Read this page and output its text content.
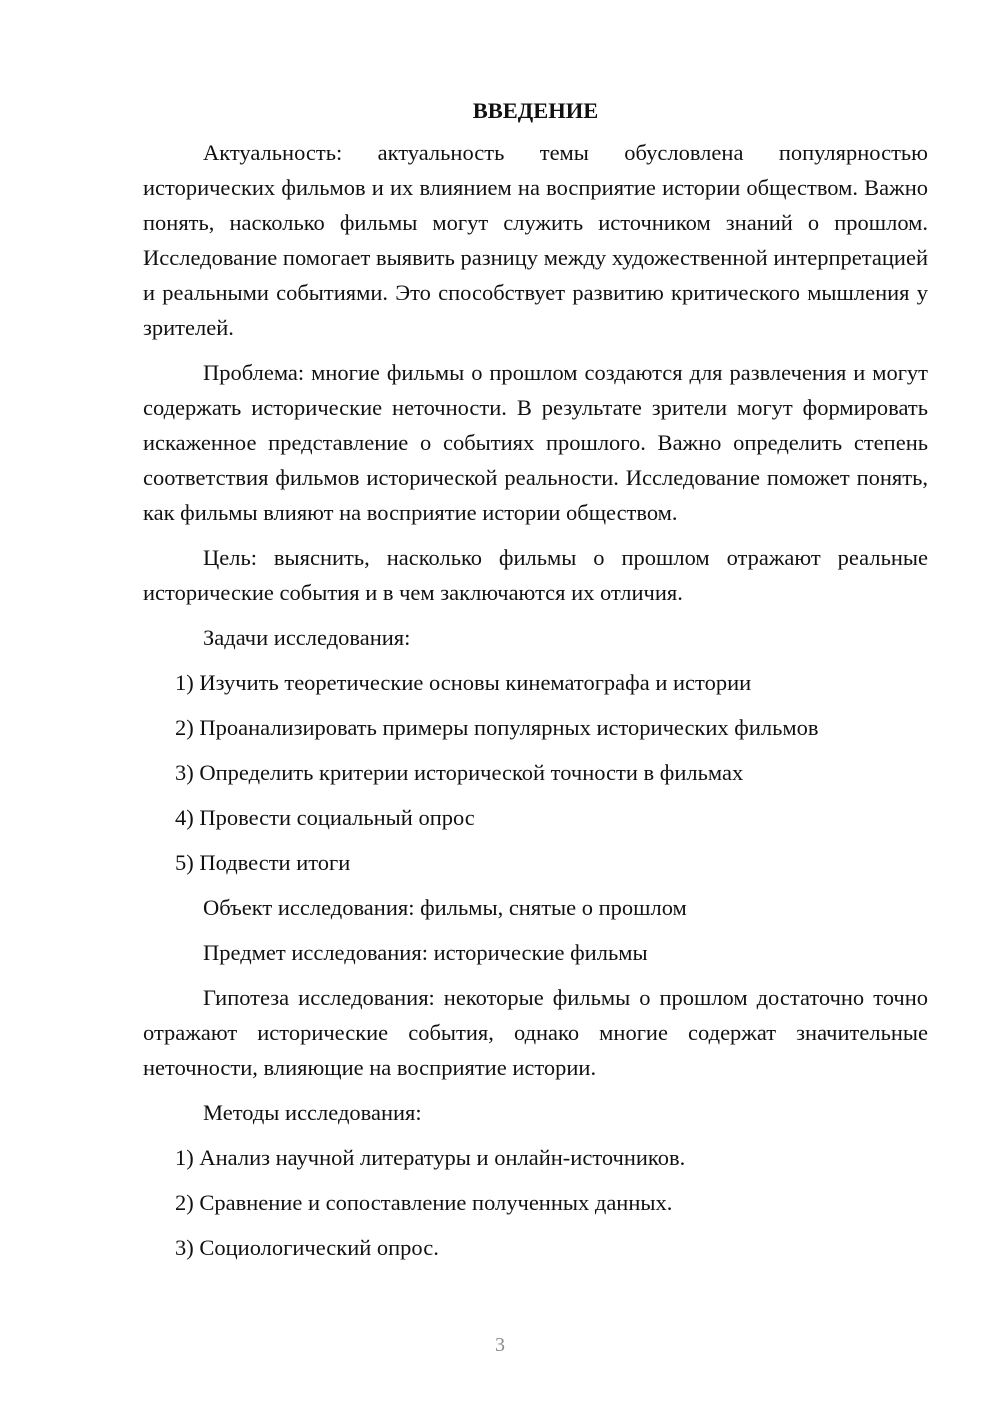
ВВЕДЕНИЕ

Актуальность: актуальность темы обусловлена популярностью исторических фильмов и их влиянием на восприятие истории обществом. Важно понять, насколько фильмы могут служить источником знаний о прошлом. Исследование помогает выявить разницу между художественной интерпретацией и реальными событиями. Это способствует развитию критического мышления у зрителей.

Проблема: многие фильмы о прошлом создаются для развлечения и могут содержать исторические неточности. В результате зрители могут формировать искаженное представление о событиях прошлого. Важно определить степень соответствия фильмов исторической реальности. Исследование поможет понять, как фильмы влияют на восприятие истории обществом.

Цель: выяснить, насколько фильмы о прошлом отражают реальные исторические события и в чем заключаются их отличия.

Задачи исследования:

1) Изучить теоретические основы кинематографа и истории

2) Проанализировать примеры популярных исторических фильмов

3) Определить критерии исторической точности в фильмах

4) Провести социальный опрос

5) Подвести итоги

Объект исследования: фильмы, снятые о прошлом

Предмет исследования: исторические фильмы

Гипотеза исследования: некоторые фильмы о прошлом достаточно точно отражают исторические события, однако многие содержат значительные неточности, влияющие на восприятие истории.

Методы исследования:

1) Анализ научной литературы и онлайн-источников.

2) Сравнение и сопоставление полученных данных.

3) Социологический опрос.

3
